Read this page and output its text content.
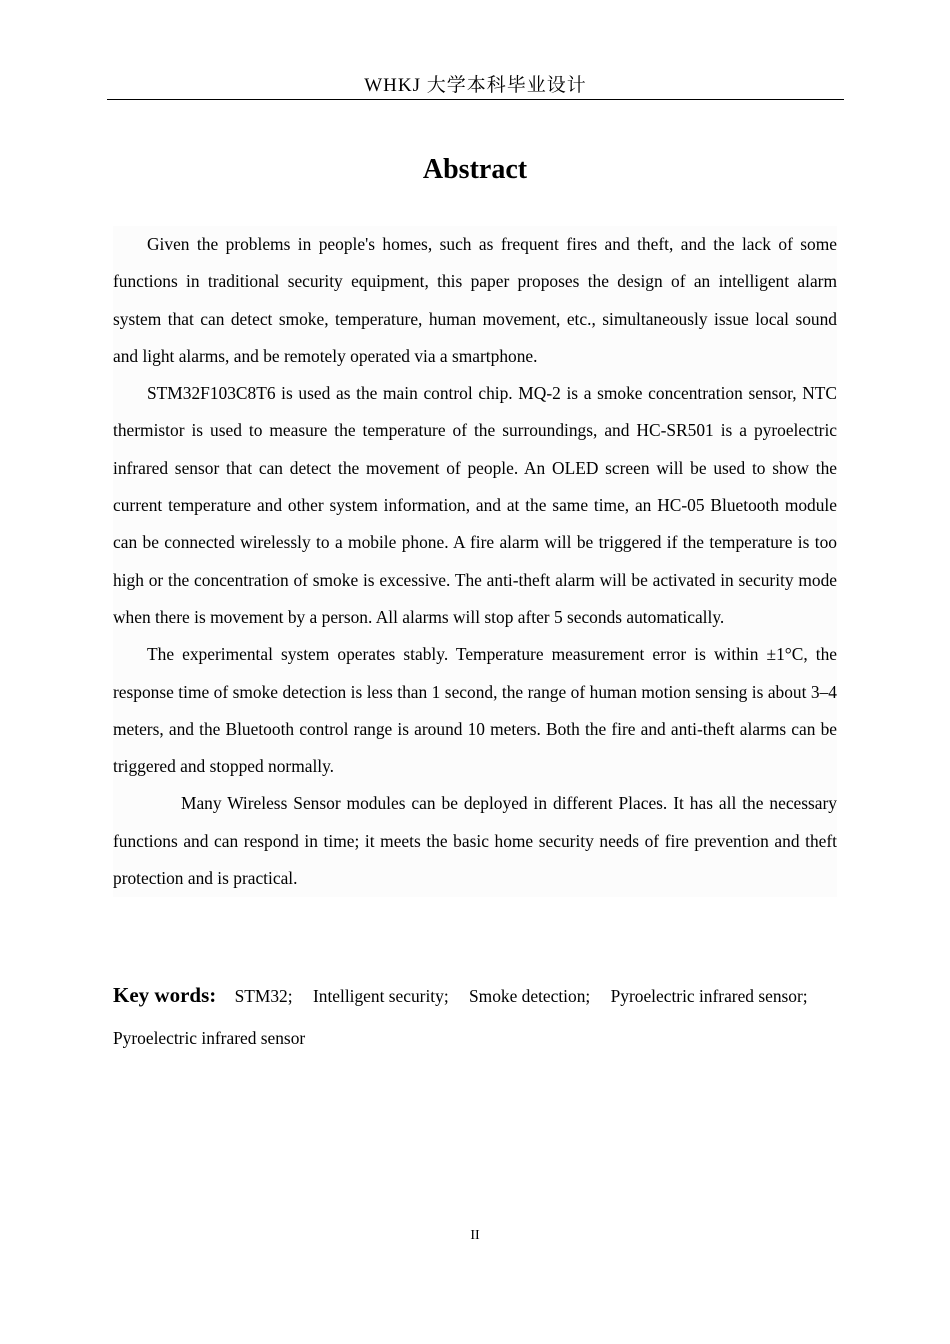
WHKJ 大学本科毕业设计
Abstract

Given the problems in people's homes, such as frequent fires and theft, and the lack of some functions in traditional security equipment, this paper proposes the design of an intelligent alarm system that can detect smoke, temperature, human movement, etc., simultaneously issue local sound and light alarms, and be remotely operated via a smartphone.

STM32F103C8T6 is used as the main control chip. MQ-2 is a smoke concentration sensor, NTC thermistor is used to measure the temperature of the surroundings, and HC-SR501 is a pyroelectric infrared sensor that can detect the movement of people. An OLED screen will be used to show the current temperature and other system information, and at the same time, an HC-05 Bluetooth module can be connected wirelessly to a mobile phone. A fire alarm will be triggered if the temperature is too high or the concentration of smoke is excessive. The anti-theft alarm will be activated in security mode when there is movement by a person. All alarms will stop after 5 seconds automatically.

The experimental system operates stably. Temperature measurement error is within ±1°C, the response time of smoke detection is less than 1 second, the range of human motion sensing is about 3–4 meters, and the Bluetooth control range is around 10 meters. Both the fire and anti-theft alarms can be triggered and stopped normally.

Many Wireless Sensor modules can be deployed in different Places. It has all the necessary functions and can respond in time; it meets the basic home security needs of fire prevention and theft protection and is practical.

Key words: STM32; Intelligent security; Smoke detection; Pyroelectric infrared sensor; Pyroelectric infrared sensor
II
